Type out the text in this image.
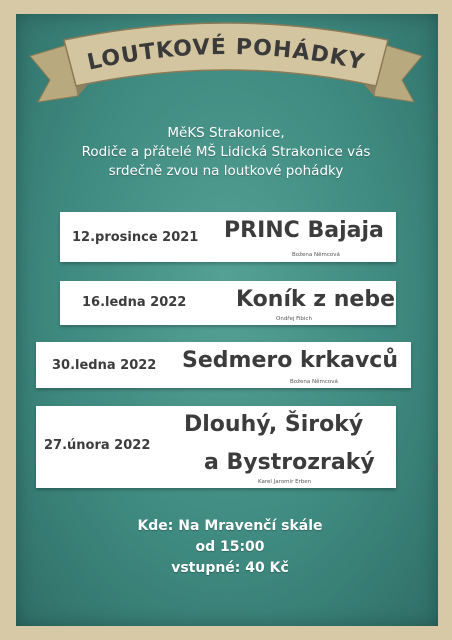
LOUTKOVÉ POHÁDKY
MěKS Strakonice,
Rodiče a přátelé MŠ Lidická Strakonice vás
srdečně zvou na loutkové pohádky
12.prosince 2021 PRINC Bajaja
Božena Němcová
16.ledna 2022 Koník z nebe
Ondřej Fibich
30.ledna 2022 Sedmero krkavců
Božena Němcová
27.února 2022
Dlouhý, Široký
a Bystrozraký
Karel Jaromír Erben
Kde: Na Mravenčí skále
od 15:00
vstupné: 40 Kč
